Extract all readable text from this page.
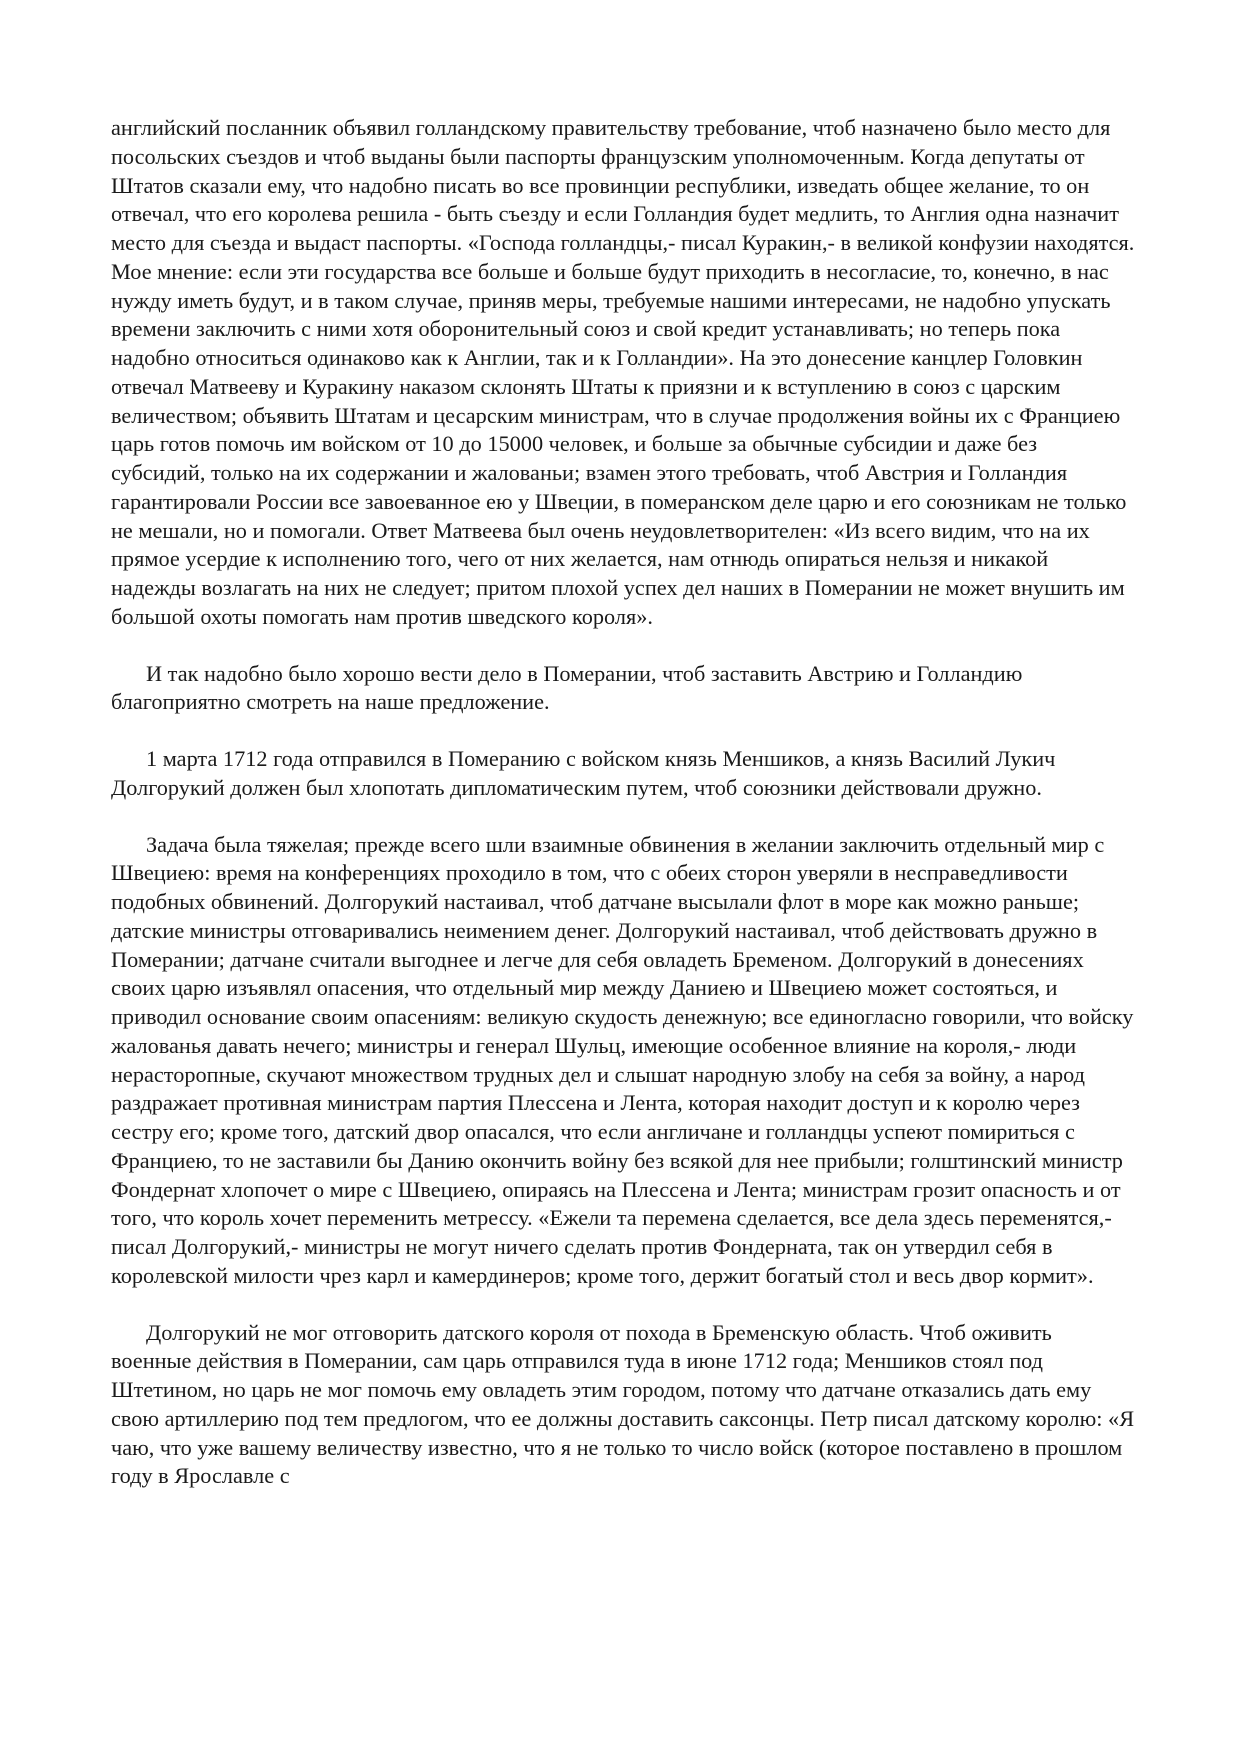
английский посланник объявил голландскому правительству требование, чтоб назначено было место для посольских съездов и чтоб выданы были паспорты французским уполномоченным. Когда депутаты от Штатов сказали ему, что надобно писать во все провинции республики, изведать общее желание, то он отвечал, что его королева решила - быть съезду и если Голландия будет медлить, то Англия одна назначит место для съезда и выдаст паспорты. «Господа голландцы,- писал Куракин,- в великой конфузии находятся. Мое мнение: если эти государства все больше и больше будут приходить в несогласие, то, конечно, в нас нужду иметь будут, и в таком случае, приняв меры, требуемые нашими интересами, не надобно упускать времени заключить с ними хотя оборонительный союз и свой кредит устанавливать; но теперь пока надобно относиться одинаково как к Англии, так и к Голландии». На это донесение канцлер Головкин отвечал Матвееву и Куракину наказом склонять Штаты к приязни и к вступлению в союз с царским величеством; объявить Штатам и цесарским министрам, что в случае продолжения войны их с Франциею царь готов помочь им войском от 10 до 15000 человек, и больше за обычные субсидии и даже без субсидий, только на их содержании и жалованьи; взамен этого требовать, чтоб Австрия и Голландия гарантировали России все завоеванное ею у Швеции, в померанском деле царю и его союзникам не только не мешали, но и помогали. Ответ Матвеева был очень неудовлетворителен: «Из всего видим, что на их прямое усердие к исполнению того, чего от них желается, нам отнюдь опираться нельзя и никакой надежды возлагать на них не следует; притом плохой успех дел наших в Померании не может внушить им большой охоты помогать нам против шведского короля».

И так надобно было хорошо вести дело в Померании, чтоб заставить Австрию и Голландию благоприятно смотреть на наше предложение.

1 марта 1712 года отправился в Померанию с войском князь Меншиков, а князь Василий Лукич Долгорукий должен был хлопотать дипломатическим путем, чтоб союзники действовали дружно.

Задача была тяжелая; прежде всего шли взаимные обвинения в желании заключить отдельный мир с Швециею: время на конференциях проходило в том, что с обеих сторон уверяли в несправедливости подобных обвинений. Долгорукий настаивал, чтоб датчане высылали флот в море как можно раньше; датские министры отговаривались неимением денег. Долгорукий настаивал, чтоб действовать дружно в Померании; датчане считали выгоднее и легче для себя овладеть Бременом. Долгорукий в донесениях своих царю изъявлял опасения, что отдельный мир между Даниею и Швециею может состояться, и приводил основание своим опасениям: великую скудость денежную; все единогласно говорили, что войску жалованья давать нечего; министры и генерал Шульц, имеющие особенное влияние на короля,- люди нерасторопные, скучают множеством трудных дел и слышат народную злобу на себя за войну, а народ раздражает противная министрам партия Плессена и Лента, которая находит доступ и к королю через сестру его; кроме того, датский двор опасался, что если англичане и голландцы успеют помириться с Франциею, то не заставили бы Данию окончить войну без всякой для нее прибыли; голштинский министр Фондернат хлопочет о мире с Швециею, опираясь на Плессена и Лента; министрам грозит опасность и от того, что король хочет переменить метрессу. «Ежели та перемена сделается, все дела здесь переменятся,- писал Долгорукий,- министры не могут ничего сделать против Фондерната, так он утвердил себя в королевской милости чрез карл и камердинеров; кроме того, держит богатый стол и весь двор кормит».

Долгорукий не мог отговорить датского короля от похода в Бременскую область. Чтоб оживить военные действия в Померании, сам царь отправился туда в июне 1712 года; Меншиков стоял под Штетином, но царь не мог помочь ему овладеть этим городом, потому что датчане отказались дать ему свою артиллерию под тем предлогом, что ее должны доставить саксонцы. Петр писал датскому королю: «Я чаю, что уже вашему величеству известно, что я не только то число войск (которое поставлено в прошлом году в Ярославле с
